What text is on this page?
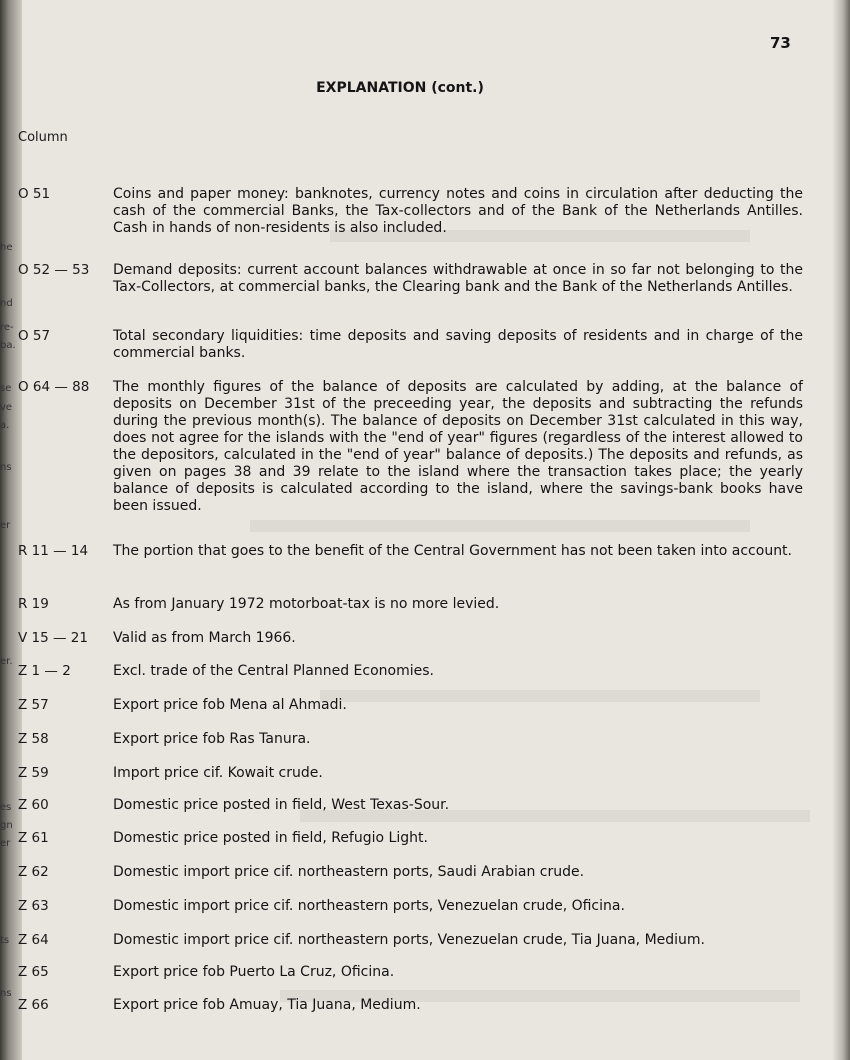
73
EXPLANATION (cont.)
Column
he
nd
re-
ba.
se
ve
a.
ns
er
er.
es
gn
er
ts
ns
O 51	Coins and paper money: banknotes, currency notes and coins in circulation after deducting the cash of the commercial Banks, the Tax-collectors and of the Bank of the Netherlands Antilles. Cash in hands of non-residents is also included.
O 52 — 53	Demand deposits: current account balances withdrawable at once in so far not belonging to the Tax-Collectors, at commercial banks, the Clearing bank and the Bank of the Netherlands Antilles.
O 57	Total secondary liquidities: time deposits and saving deposits of residents and in charge of the commercial banks.
O 64 — 88	The monthly figures of the balance of deposits are calculated by adding, at the balance of deposits on December 31st of the preceeding year, the deposits and subtracting the refunds during the previous month(s). The balance of deposits on December 31st calculated in this way, does not agree for the islands with the "end of year" figures (regardless of the interest allowed to the depositors, calculated in the "end of year" balance of deposits.) The deposits and refunds, as given on pages 38 and 39 relate to the island where the transaction takes place; the yearly balance of deposits is calculated according to the island, where the savings-bank books have been issued.
R 11 — 14	The portion that goes to the benefit of the Central Government has not been taken into account.
R 19	As from January 1972 motorboat-tax is no more levied.
V 15 — 21	Valid as from March 1966.
Z 1 — 2	Excl. trade of the Central Planned Economies.
Z 57	Export price fob Mena al Ahmadi.
Z 58	Export price fob Ras Tanura.
Z 59	Import price cif. Kowait crude.
Z 60	Domestic price posted in field, West Texas-Sour.
Z 61	Domestic price posted in field, Refugio Light.
Z 62	Domestic import price cif. northeastern ports, Saudi Arabian crude.
Z 63	Domestic import price cif. northeastern ports, Venezuelan crude, Oficina.
Z 64	Domestic import price cif. northeastern ports, Venezuelan crude, Tia Juana, Medium.
Z 65	Export price fob Puerto La Cruz, Oficina.
Z 66	Export price fob Amuay, Tia Juana, Medium.
